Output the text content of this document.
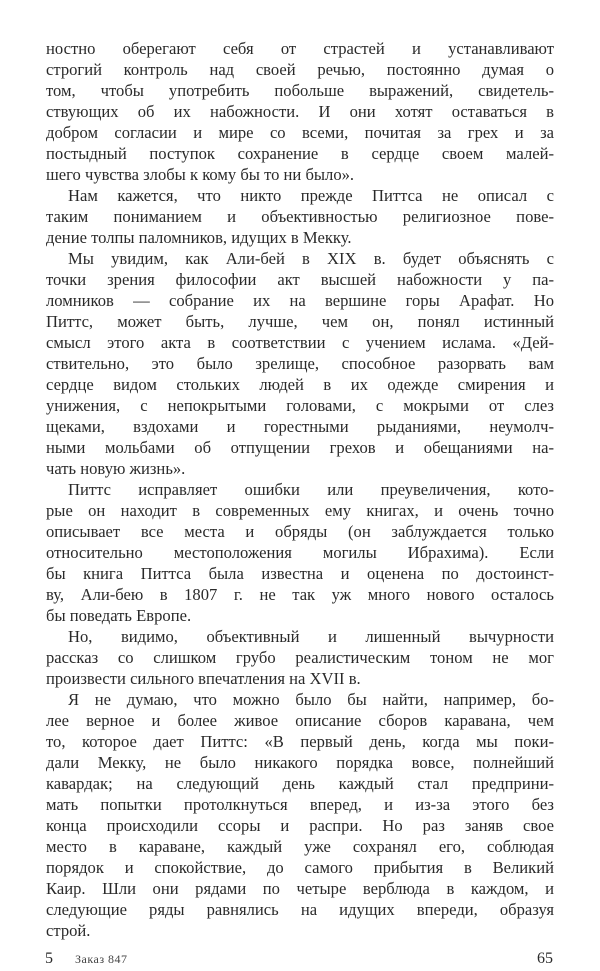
ностно оберегают себя от страстей и устанавливают
строгий контроль над своей речью, постоянно думая о
том, чтобы употребить побольше выражений, свидетель-
ствующих об их набожности. И они хотят оставаться в
добром согласии и мире со всеми, почитая за грех и за
постыдный поступок сохранение в сердце своем малей-
шего чувства злобы к кому бы то ни было».
Нам кажется, что никто прежде Питтса не описал с
таким пониманием и объективностью религиозное пове-
дение толпы паломников, идущих в Мекку.
Мы увидим, как Али-бей в XIX в. будет объяснять с
точки зрения философии акт высшей набожности у па-
ломников — собрание их на вершине горы Арафат. Но
Питтс, может быть, лучше, чем он, понял истинный
смысл этого акта в соответствии с учением ислама. «Дей-
ствительно, это было зрелище, способное разорвать вам
сердце видом стольких людей в их одежде смирения и
унижения, с непокрытыми головами, с мокрыми от слез
щеками, вздохами и горестными рыданиями, неумолч-
ными мольбами об отпущении грехов и обещаниями на-
чать новую жизнь».
Питтс исправляет ошибки или преувеличения, кото-
рые он находит в современных ему книгах, и очень точно
описывает все места и обряды (он заблуждается только
относительно местоположения могилы Ибрахима). Если
бы книга Питтса была известна и оценена по достоинст-
ву, Али-бею в 1807 г. не так уж много нового осталось
бы поведать Европе.
Но, видимо, объективный и лишенный вычурности
рассказ со слишком грубо реалистическим тоном не мог
произвести сильного впечатления на XVII в.
Я не думаю, что можно было бы найти, например, бо-
лее верное и более живое описание сборов каравана, чем
то, которое дает Питтс: «В первый день, когда мы поки-
дали Мекку, не было никакого порядка вовсе, полнейший
кавардак; на следующий день каждый стал предприни-
мать попытки протолкнуться вперед, и из-за этого без
конца происходили ссоры и распри. Но раз заняв свое
место в караване, каждый уже сохранял его, соблюдая
порядок и спокойствие, до самого прибытия в Великий
Каир. Шли они рядами по четыре верблюда в каждом, и
следующие ряды равнялись на идущих впереди, образуя
строй.
5 Заказ 847	65
